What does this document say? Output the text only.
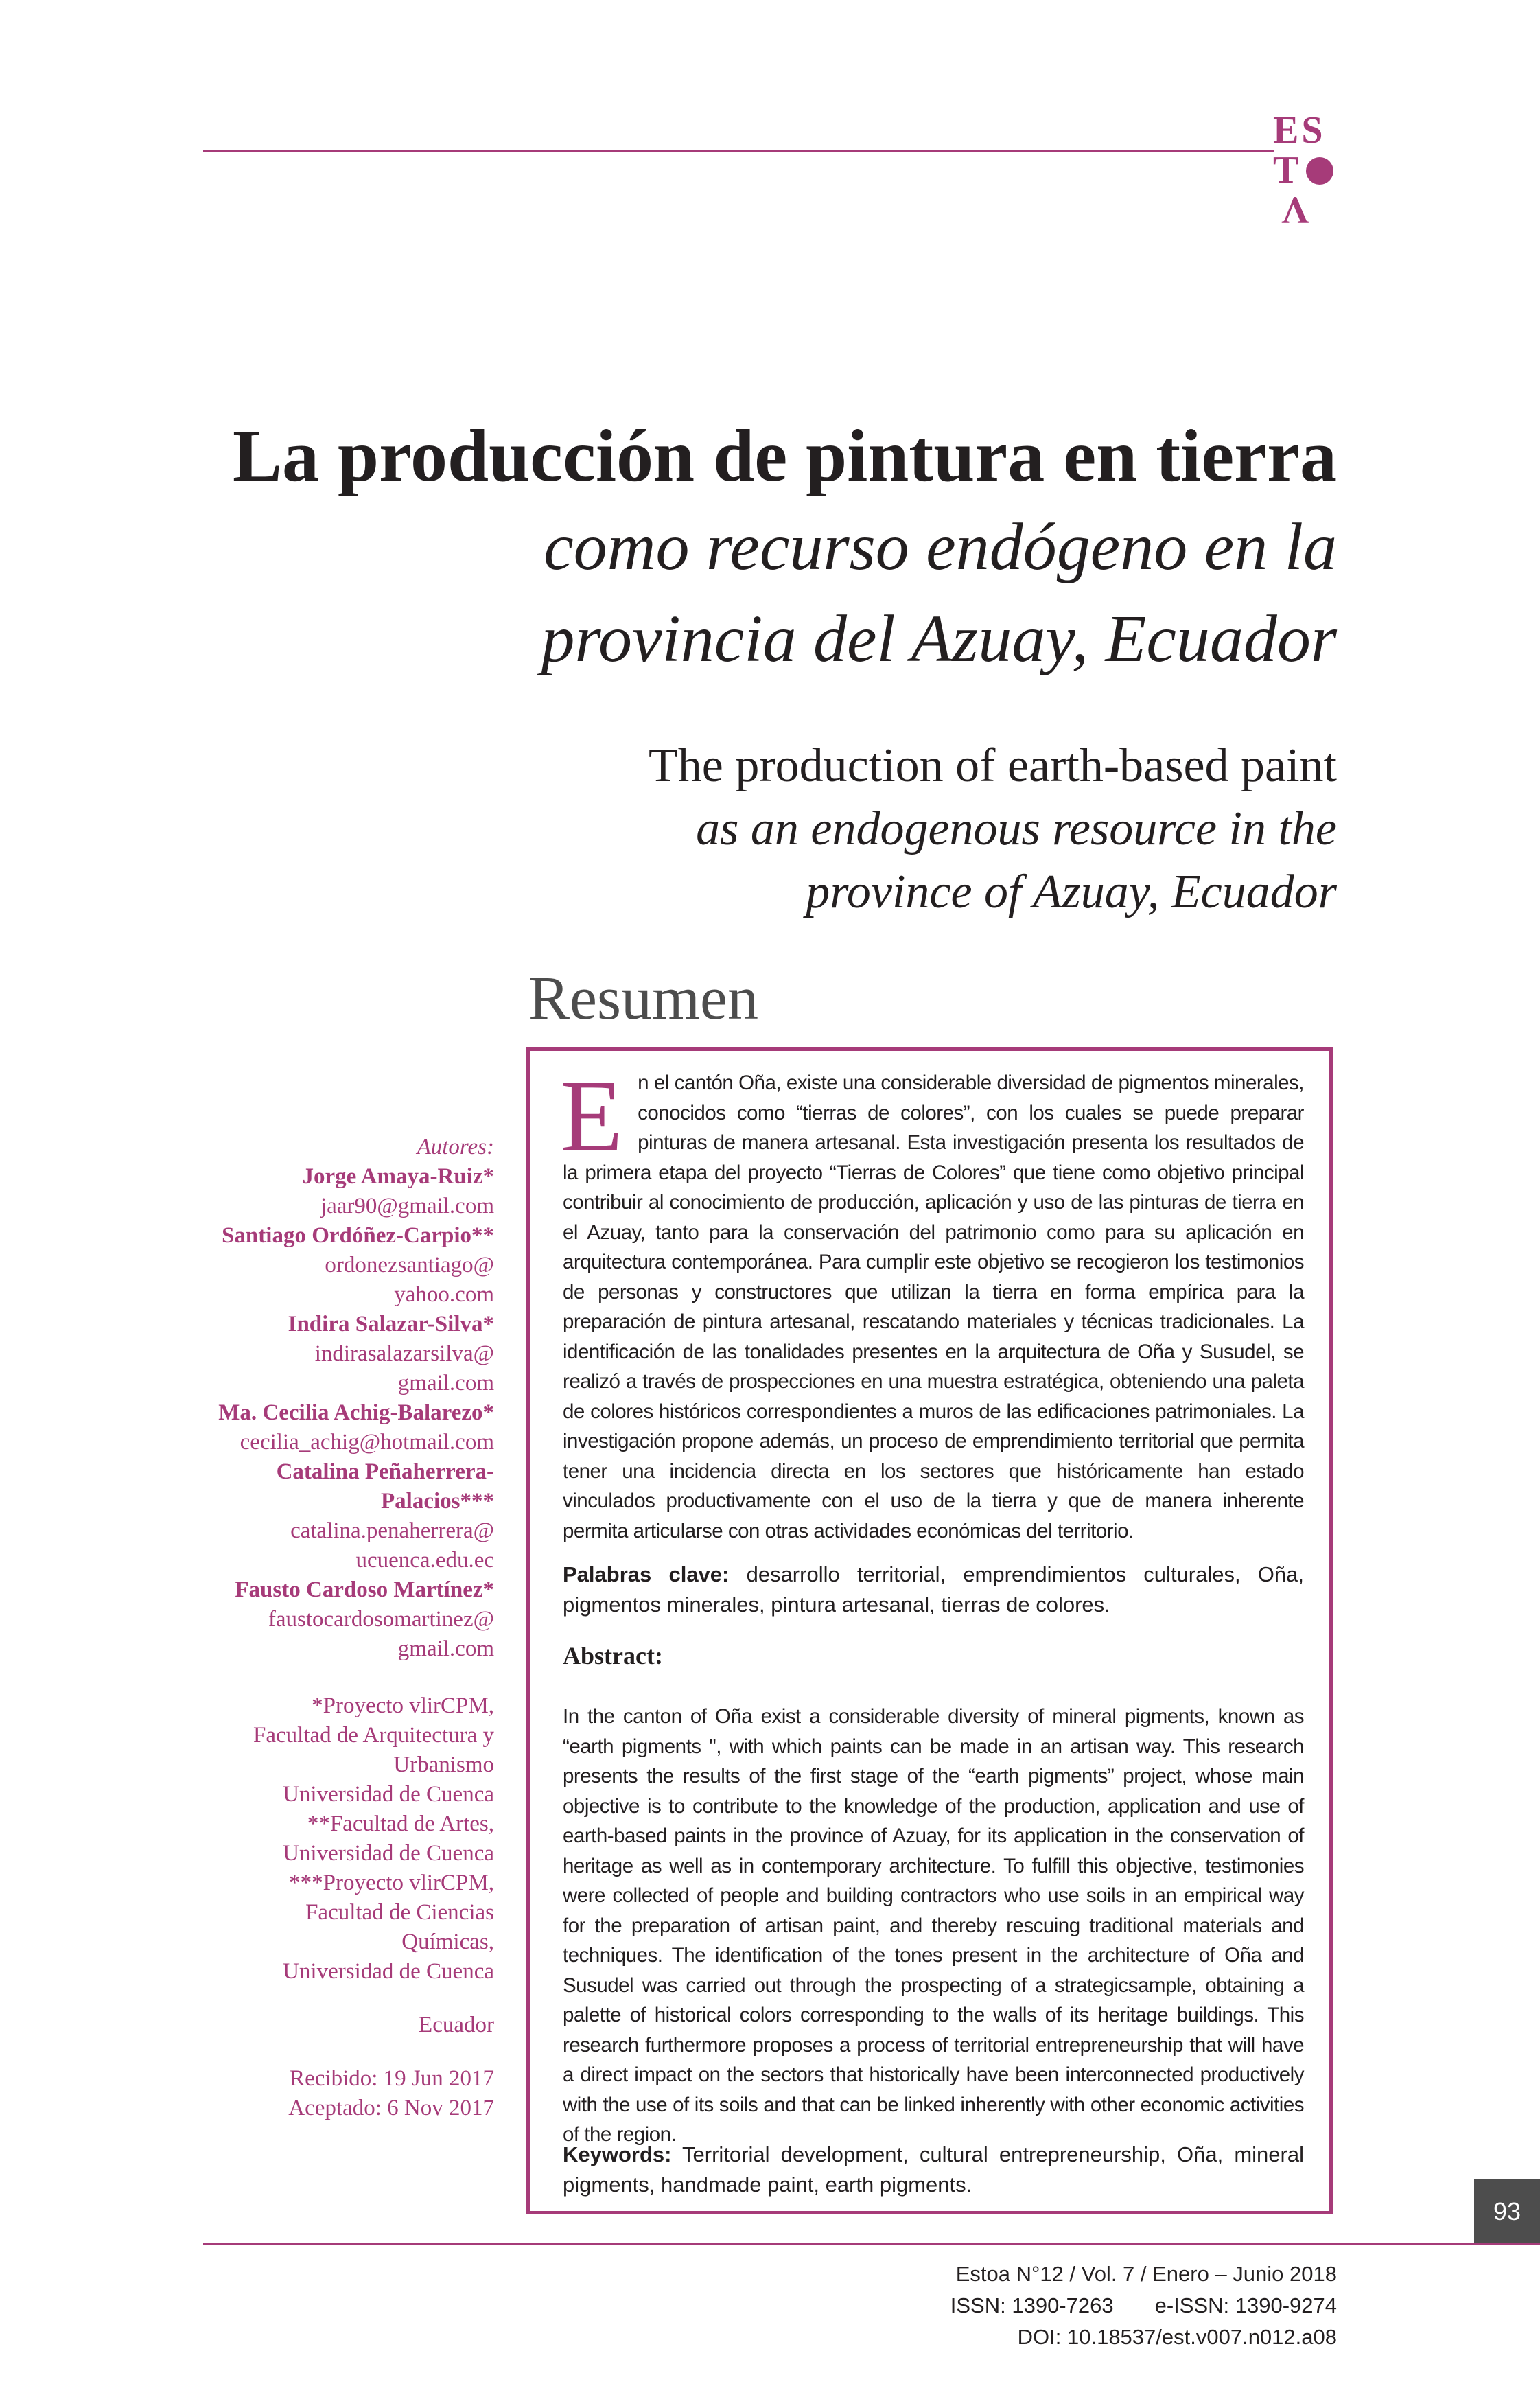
ES
T
V
La producción de pintura en tierra
como recurso endógeno en la
provincia del Azuay, Ecuador
The production of earth-based paint
as an endogenous resource in the
province of Azuay, Ecuador
Resumen
Autores:
Jorge Amaya-Ruiz*
jaar90@gmail.com
Santiago Ordóñez-Carpio**
ordonezsantiago@
yahoo.com
Indira Salazar-Silva*
indirasalazarsilva@
gmail.com
Ma. Cecilia Achig-Balarezo*
cecilia_achig@hotmail.com
Catalina Peñaherrera-
Palacios***
catalina.penaherrera@
ucuenca.edu.ec
Fausto Cardoso Martínez*
faustocardosomartinez@
gmail.com
*Proyecto vlirCPM,
Facultad de Arquitectura y
Urbanismo
Universidad de Cuenca
**Facultad de Artes,
Universidad de Cuenca
***Proyecto vlirCPM,
Facultad de Ciencias
Químicas,
Universidad de Cuenca
Ecuador
Recibido: 19 Jun 2017
Aceptado: 6 Nov 2017
En el cantón Oña, existe una considerable diversidad de pigmentos minerales, conocidos como “tierras de colores”, con los cuales se puede preparar pinturas de manera artesanal. Esta investigación presenta los resultados de la primera etapa del proyecto “Tierras de Colores” que tiene como objetivo principal contribuir al conocimiento de producción, aplicación y uso de las pinturas de tierra en el Azuay, tanto para la conservación del patrimonio como para su aplicación en arquitectura contemporánea. Para cumplir este objetivo se recogieron los testimonios de personas y constructores que utilizan la tierra en forma empírica para la preparación de pintura artesanal, rescatando materiales y técnicas tradicionales. La identificación de las tonalidades presentes en la arquitectura de Oña y Susudel, se realizó a través de prospecciones en una muestra estratégica, obteniendo una paleta de colores históricos correspondientes a muros de las edificaciones patrimoniales. La investigación propone además, un proceso de emprendimiento territorial que permita tener una incidencia directa en los sectores que históricamente han estado vinculados productivamente con el uso de la tierra y que de manera inherente permita articularse con otras actividades económicas del territorio.
Palabras clave: desarrollo territorial, emprendimientos culturales, Oña, pigmentos minerales, pintura artesanal, tierras de colores.
Abstract:
In the canton of Oña exist a considerable diversity of mineral pigments, known as “earth pigments ", with which paints can be made in an artisan way. This research presents the results of the first stage of the “earth pigments” project, whose main objective is to contribute to the knowledge of the production, application and use of earth-based paints in the province of Azuay, for its application in the conservation of heritage as well as in contemporary architecture. To fulfill this objective, testimonies were collected of people and building contractors who use soils in an empirical way for the preparation of artisan paint, and thereby rescuing traditional materials and techniques. The identification of the tones present in the architecture of Oña and Susudel was carried out through the prospecting of a strategicsample, obtaining a palette of historical colors corresponding to the walls of its heritage buildings. This research furthermore proposes a process of territorial entrepreneurship that will have a direct impact on the sectors that historically have been interconnected productively with the use of its soils and that can be linked inherently with other economic activities of the region.
Keywords: Territorial development, cultural entrepreneurship, Oña, mineral pigments, handmade paint, earth pigments.
93
Estoa N°12 / Vol. 7 / Enero – Junio 2018
ISSN: 1390-7263 e-ISSN: 1390-9274
DOI: 10.18537/est.v007.n012.a08
